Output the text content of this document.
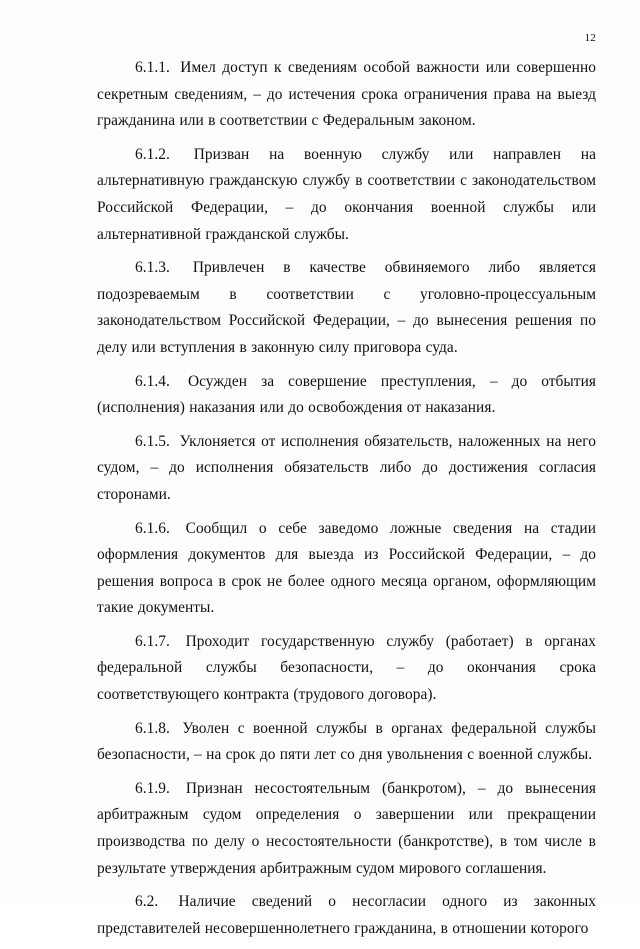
12

6.1.1. Имел доступ к сведениям особой важности или совершенно секретным сведениям, – до истечения срока ограничения права на выезд гражданина или в соответствии с Федеральным законом.

6.1.2. Призван на военную службу или направлен на альтернативную гражданскую службу в соответствии с законодательством Российской Федерации, – до окончания военной службы или альтернативной гражданской службы.

6.1.3. Привлечен в качестве обвиняемого либо является подозреваемым в соответствии с уголовно-процессуальным законодательством Российской Федерации, – до вынесения решения по делу или вступления в законную силу приговора суда.

6.1.4. Осужден за совершение преступления, – до отбытия (исполнения) наказания или до освобождения от наказания.

6.1.5. Уклоняется от исполнения обязательств, наложенных на него судом, – до исполнения обязательств либо до достижения согласия сторонами.

6.1.6. Сообщил о себе заведомо ложные сведения на стадии оформления документов для выезда из Российской Федерации, – до решения вопроса в срок не более одного месяца органом, оформляющим такие документы.

6.1.7. Проходит государственную службу (работает) в органах федеральной службы безопасности, – до окончания срока соответствующего контракта (трудового договора).

6.1.8. Уволен с военной службы в органах федеральной службы безопасности, – на срок до пяти лет со дня увольнения с военной службы.

6.1.9. Признан несостоятельным (банкротом), – до вынесения арбитражным судом определения о завершении или прекращении производства по делу о несостоятельности (банкротстве), в том числе в результате утверждения арбитражным судом мирового соглашения.

6.2. Наличие сведений о несогласии одного из законных представителей несовершеннолетнего гражданина, в отношении которого
